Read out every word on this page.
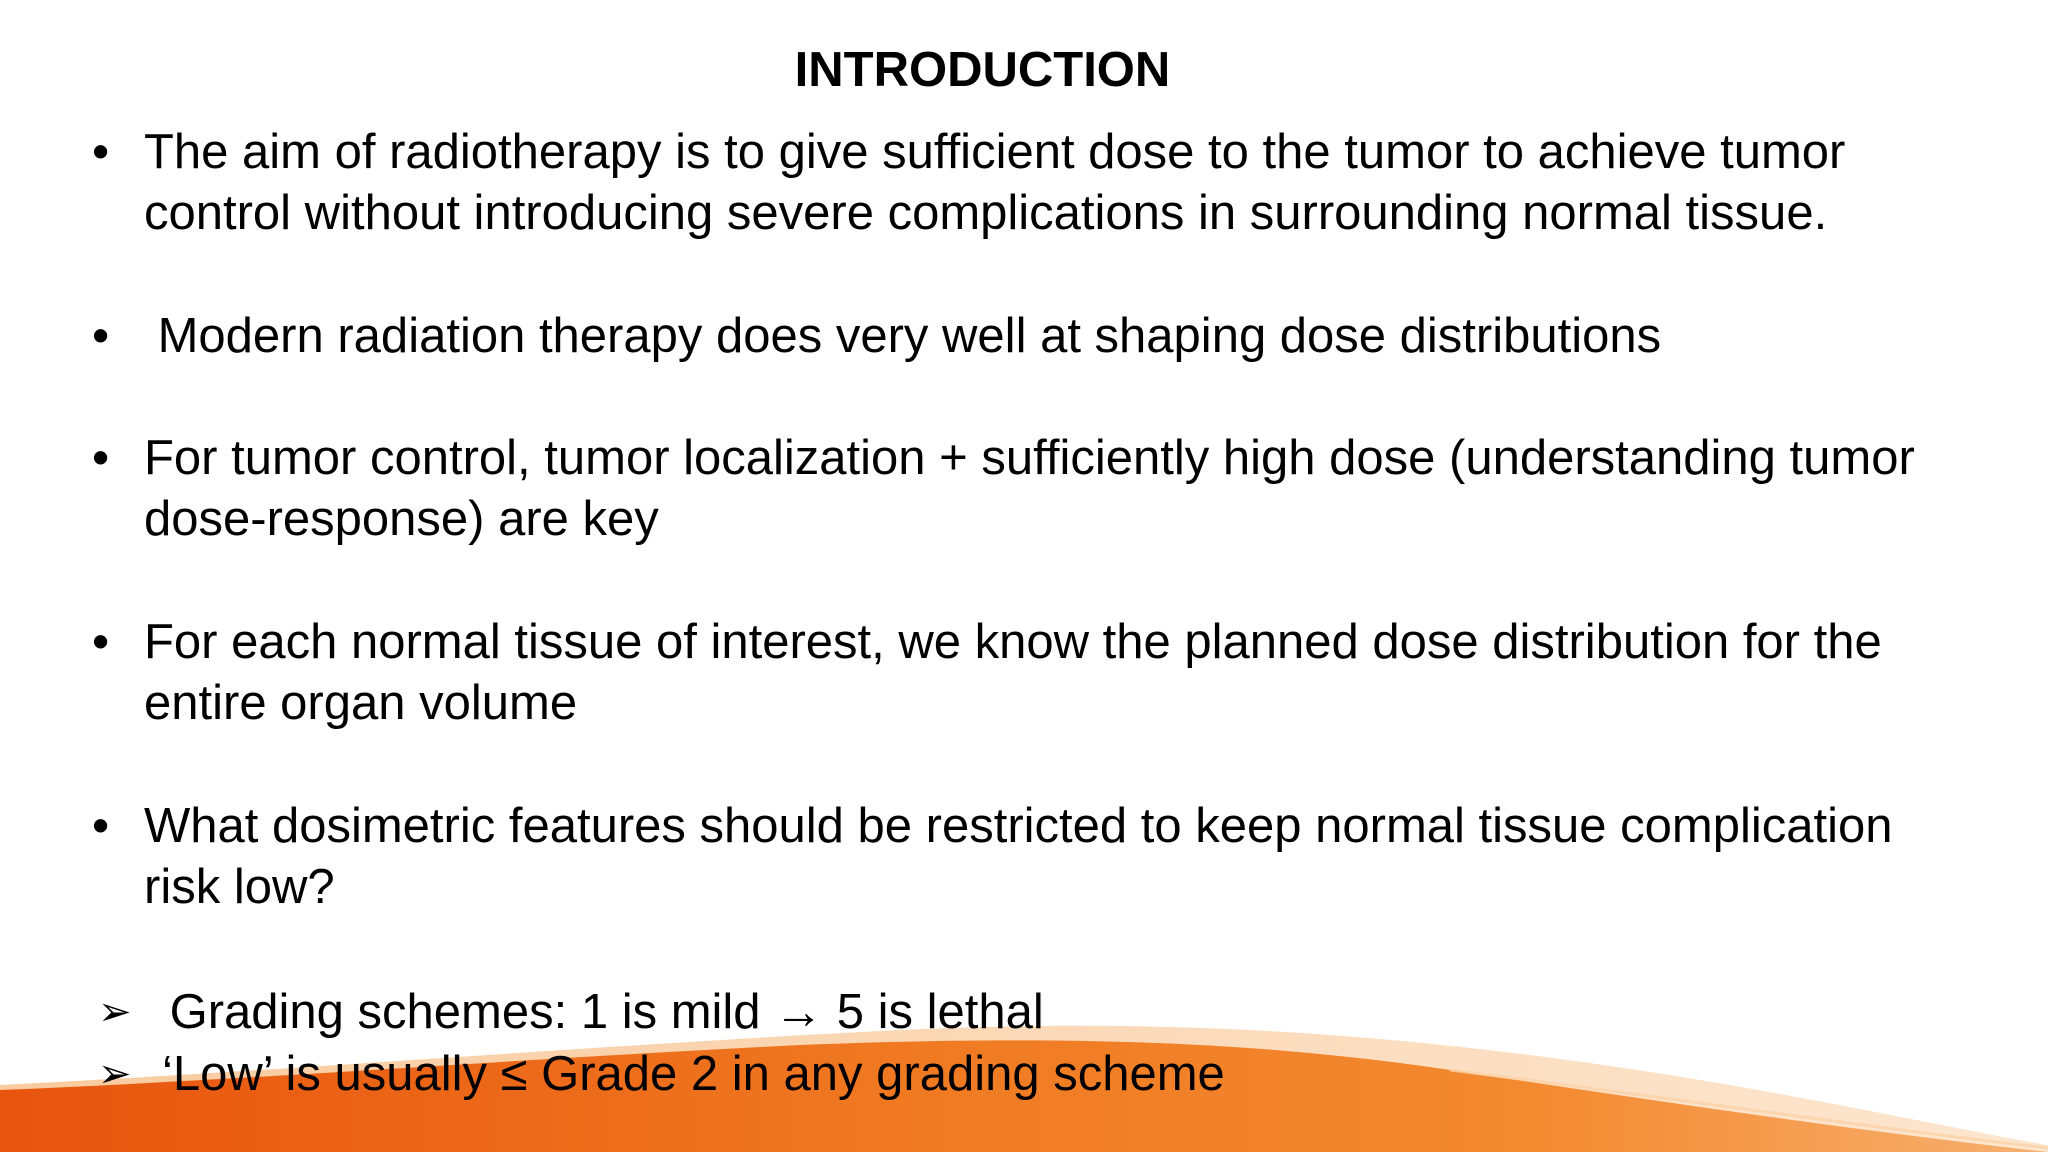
INTRODUCTION
• The aim of radiotherapy is to give sufficient dose to the tumor to achieve tumor
control without introducing severe complications in surrounding normal tissue.
• Modern radiation therapy does very well at shaping dose distributions
• For tumor control, tumor localization + sufficiently high dose (understanding tumor
dose-response) are key
• For each normal tissue of interest, we know the planned dose distribution for the
entire organ volume
• What dosimetric features should be restricted to keep normal tissue complication
risk low?
➢ Grading schemes: 1 is mild → 5 is lethal
➢ ‘Low’ is usually ≤ Grade 2 in any grading scheme
